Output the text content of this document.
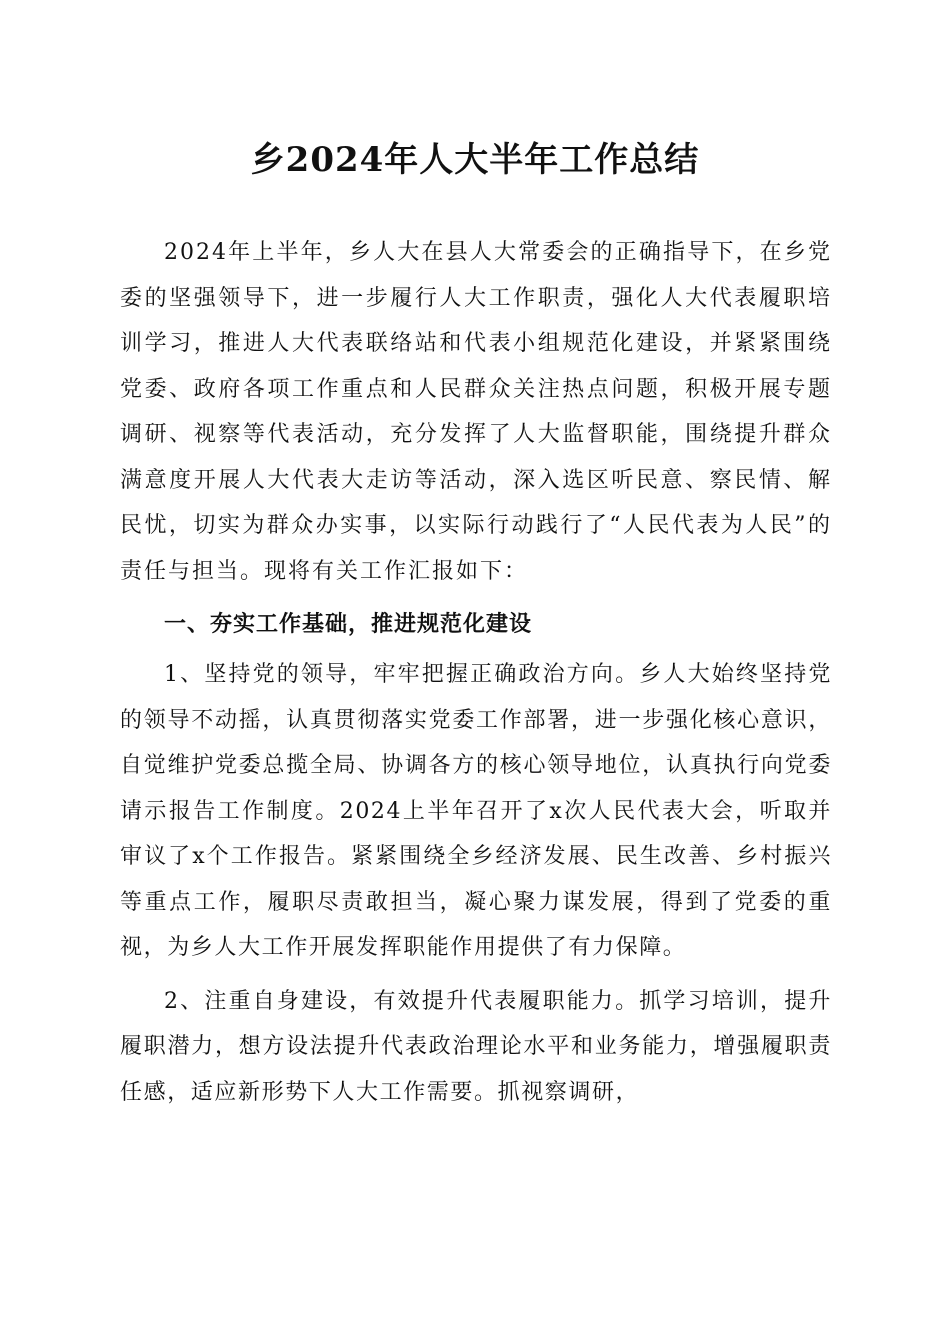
乡2024年人大半年工作总结

2024年上半年，乡人大在县人大常委会的正确指导下，在乡党委的坚强领导下，进一步履行人大工作职责，强化人大代表履职培训学习，推进人大代表联络站和代表小组规范化建设，并紧紧围绕党委、政府各项工作重点和人民群众关注热点问题，积极开展专题调研、视察等代表活动，充分发挥了人大监督职能，围绕提升群众满意度开展人大代表大走访等活动，深入选区听民意、察民情、解民忧，切实为群众办实事，以实际行动践行了“人民代表为人民”的责任与担当。现将有关工作汇报如下：

一、夯实工作基础，推进规范化建设

1、坚持党的领导，牢牢把握正确政治方向。乡人大始终坚持党的领导不动摇，认真贯彻落实党委工作部署，进一步强化核心意识，自觉维护党委总揽全局、协调各方的核心领导地位，认真执行向党委请示报告工作制度。2024上半年召开了x次人民代表大会，听取并审议了x个工作报告。紧紧围绕全乡经济发展、民生改善、乡村振兴等重点工作，履职尽责敢担当，凝心聚力谋发展，得到了党委的重视，为乡人大工作开展发挥职能作用提供了有力保障。

2、注重自身建设，有效提升代表履职能力。抓学习培训，提升履职潜力，想方设法提升代表政治理论水平和业务能力，增强履职责任感，适应新形势下人大工作需要。抓视察调研，
